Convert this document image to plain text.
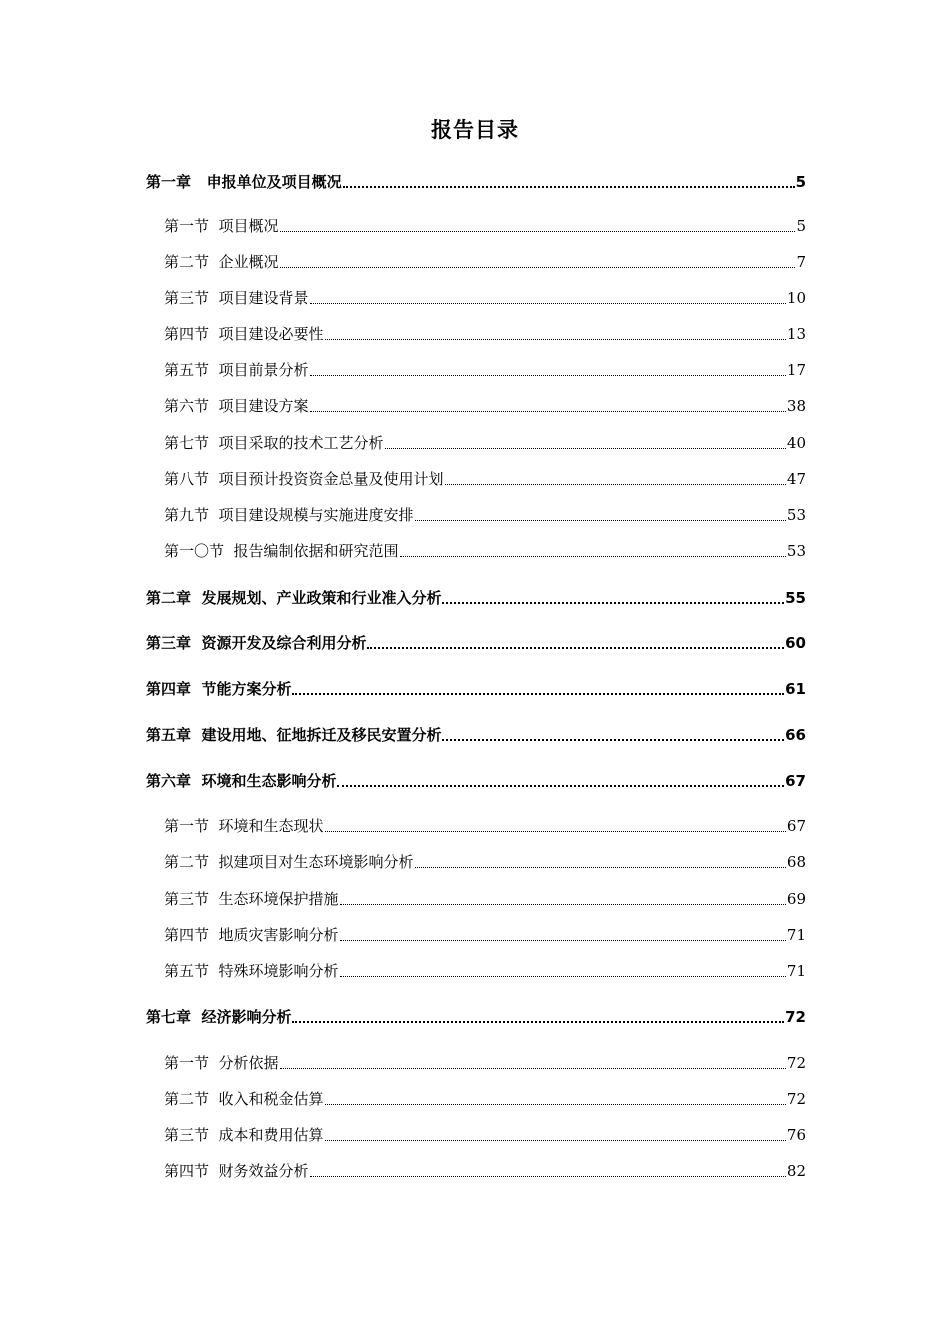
报告目录
第一章   申报单位及项目概况	5
第一节  项目概况	5
第二节  企业概况	7
第三节  项目建设背景	10
第四节  项目建设必要性	13
第五节  项目前景分析	17
第六节  项目建设方案	38
第七节  项目采取的技术工艺分析	40
第八节  项目预计投资资金总量及使用计划	47
第九节  项目建设规模与实施进度安排	53
第一〇节  报告编制依据和研究范围	53
第二章  发展规划、产业政策和行业准入分析	55
第三章  资源开发及综合利用分析	60
第四章  节能方案分析	61
第五章  建设用地、征地拆迁及移民安置分析	66
第六章  环境和生态影响分析	67
第一节  环境和生态现状	67
第二节  拟建项目对生态环境影响分析	68
第三节  生态环境保护措施	69
第四节  地质灾害影响分析	71
第五节  特殊环境影响分析	71
第七章  经济影响分析	72
第一节  分析依据	72
第二节  收入和税金估算	72
第三节  成本和费用估算	76
第四节  财务效益分析	82
